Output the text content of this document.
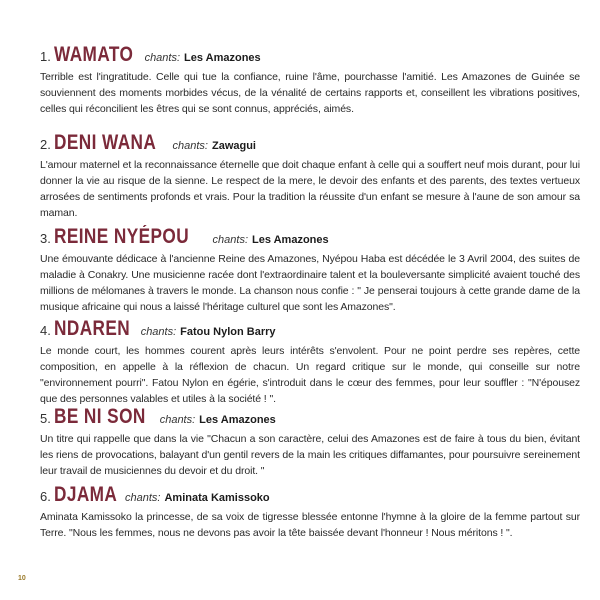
1. WAMATO chants: Les Amazones

Terrible est l'ingratitude. Celle qui tue la confiance, ruine l'âme, pourchasse l'amitié. Les Amazones de Guinée se souviennent des moments morbides vécus, de la vénalité de certains rapports et, conseillent les vibrations positives, celles qui réconcilient les êtres qui se sont connus, appréciés, aimés.

2. DENI WANA chants: Zawagui

L'amour maternel et la reconnaissance éternelle que doit chaque enfant à celle qui a souffert neuf mois durant, pour lui donner la vie au risque de la sienne. Le respect de la mere, le devoir des enfants et des parents, des textes vertueux arrosées de sentiments profonds et vrais. Pour la tradition la réussite d'un enfant se mesure à l'aune de son amour sa maman.

3. REINE NYÉPOU chants: Les Amazones

Une émouvante dédicace à l'ancienne Reine des Amazones, Nyépou Haba est décédée le 3 Avril 2004, des suites de maladie à Conakry. Une musicienne racée dont l'extraordinaire talent et la bouleversante simplicité avaient touché des millions de mélomanes à travers le monde. La chanson nous confie : " Je penserai toujours à cette grande dame de la musique africaine qui nous a laissé l'héritage culturel que sont les Amazones".

4. NDAREN chants: Fatou Nylon Barry

Le monde court, les hommes courent après leurs intérêts s'envolent. Pour ne point perdre ses repères, cette composition, en appelle à la réflexion de chacun. Un regard critique sur le monde, qui conseille sur notre "environnement pourri". Fatou Nylon en égérie, s'introduit dans le cœur des femmes, pour leur souffler : "N'épousez que des personnes valables et utiles à la société ! ".

5. BE NI SON chants: Les Amazones

Un titre qui rappelle que dans la vie "Chacun a son caractère, celui des Amazones est de faire à tous du bien, évitant les riens de provocations, balayant d'un gentil revers de la main les critiques diffamantes, pour poursuivre sereinement leur travail de musiciennes du devoir et du droit. "

6. DJAMA chants: Aminata Kamissoko

Aminata Kamissoko la princesse, de sa voix de tigresse blessée entonne l'hymne à la gloire de la femme partout sur Terre. "Nous les femmes, nous ne devons pas avoir la tête baissée devant l'honneur ! Nous méritons ! ".

10
